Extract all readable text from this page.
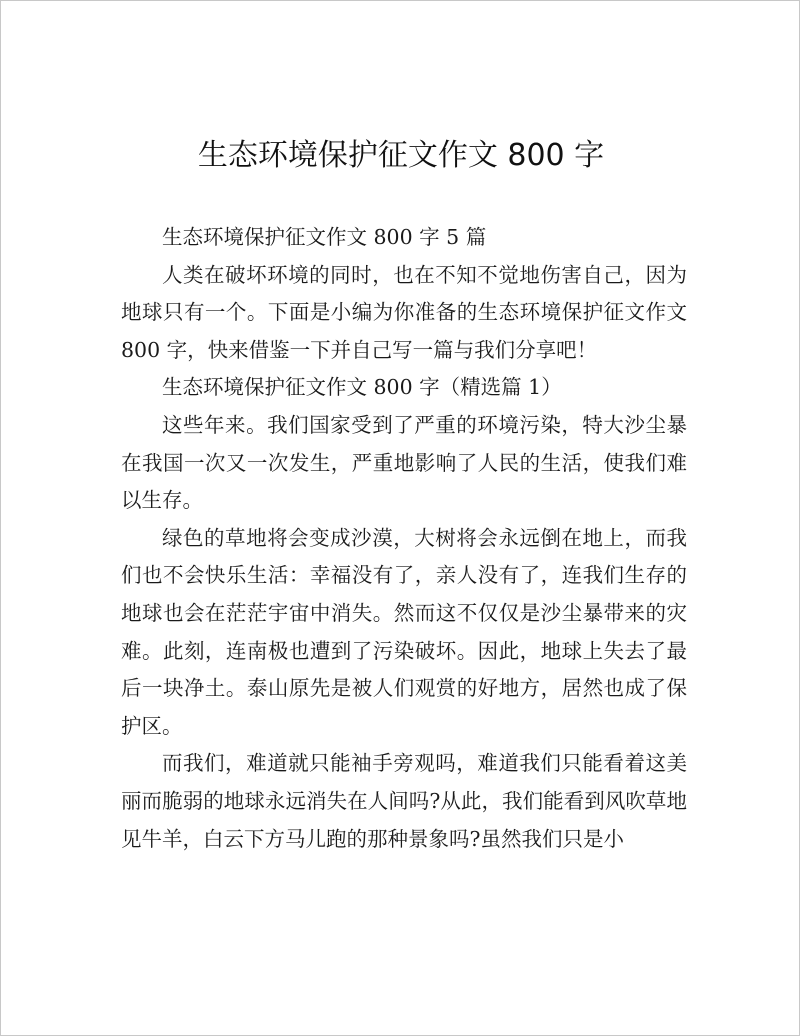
生态环境保护征文作文 800 字

生态环境保护征文作文 800 字 5 篇

人类在破坏环境的同时，也在不知不觉地伤害自己，因为地球只有一个。下面是小编为你准备的生态环境保护征文作文 800 字，快来借鉴一下并自己写一篇与我们分享吧！

生态环境保护征文作文 800 字（精选篇 1）

这些年来。我们国家受到了严重的环境污染，特大沙尘暴在我国一次又一次发生，严重地影响了人民的生活，使我们难以生存。

绿色的草地将会变成沙漠，大树将会永远倒在地上，而我们也不会快乐生活：幸福没有了，亲人没有了，连我们生存的地球也会在茫茫宇宙中消失。然而这不仅仅是沙尘暴带来的灾难。此刻，连南极也遭到了污染破坏。因此，地球上失去了最后一块净土。泰山原先是被人们观赏的好地方，居然也成了保护区。

而我们，难道就只能袖手旁观吗，难道我们只能看着这美丽而脆弱的地球永远消失在人间吗?从此，我们能看到风吹草地见牛羊，白云下方马儿跑的那种景象吗?虽然我们只是小
